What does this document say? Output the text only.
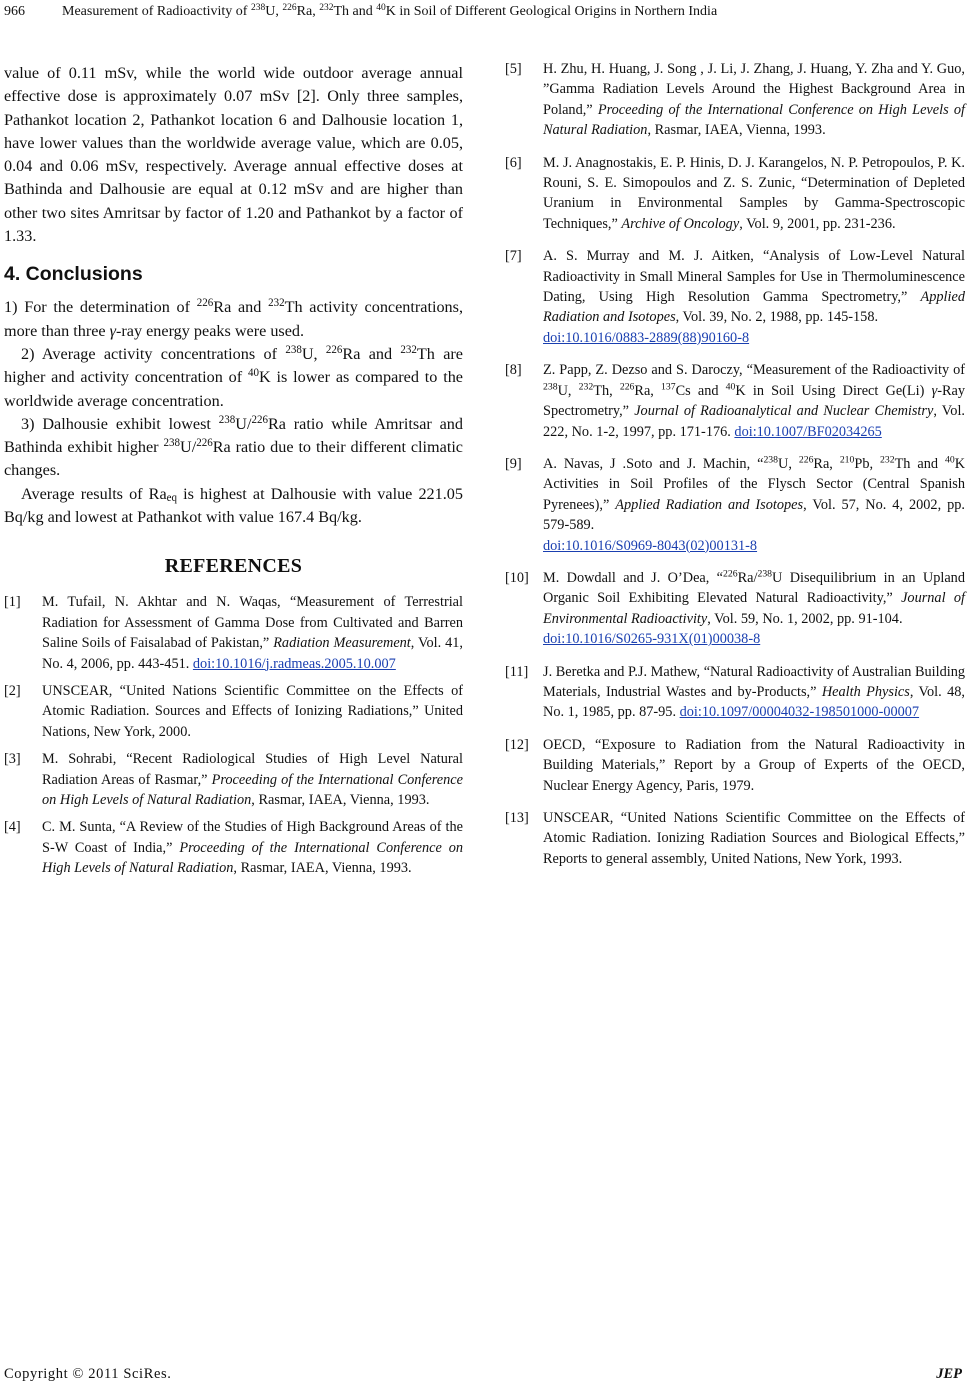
966	Measurement of Radioactivity of $^{238}$U, $^{226}$Ra, $^{232}$Th and $^{40}$K in Soil of Different Geological Origins in Northern India

value of 0.11 mSv, while the world wide outdoor average annual effective dose is approximately 0.07 mSv [2]. Only three samples, Pathankot location 2, Pathankot location 6 and Dalhousie location 1, have lower values than the worldwide average value, which are 0.05, 0.04 and 0.06 mSv, respectively. Average annual effective doses at Bathinda and Dalhousie are equal at 0.12 mSv and are higher than other two sites Amritsar by factor of 1.20 and Pathankot by a factor of 1.33.

4. Conclusions

1) For the determination of $^{226}$Ra and $^{232}$Th activity concentrations, more than three γ-ray energy peaks were used.

2) Average activity concentrations of $^{238}$U, $^{226}$Ra and $^{232}$Th are higher and activity concentration of $^{40}$K is lower as compared to the worldwide average concentration.

3) Dalhousie exhibit lowest $^{238}$U/$^{226}$Ra ratio while Amritsar and Bathinda exhibit higher $^{238}$U/$^{226}$Ra ratio due to their different climatic changes.

Average results of $Ra_{eq}$ is highest at Dalhousie with value 221.05 Bq/kg and lowest at Pathankot with value 167.4 Bq/kg.

REFERENCES
[1] M. Tufail, N. Akhtar and N. Waqas, “Measurement of Terrestrial Radiation for Assessment of Gamma Dose from Cultivated and Barren Saline Soils of Faisalabad of Pakistan,” Radiation Measurement, Vol. 41, No. 4, 2006, pp. 443-451. doi:10.1016/j.radmeas.2005.10.007
[2] UNSCEAR, “United Nations Scientific Committee on the Effects of Atomic Radiation. Sources and Effects of Ionizing Radiations,” United Nations, New York, 2000.
[3] M. Sohrabi, “Recent Radiological Studies of High Level Natural Radiation Areas of Rasmar,” Proceeding of the International Conference on High Levels of Natural Radiation, Rasmar, IAEA, Vienna, 1993.
[4] C. M. Sunta, “A Review of the Studies of High Background Areas of the S-W Coast of India,” Proceeding of the International Conference on High Levels of Natural Radiation, Rasmar, IAEA, Vienna, 1993.
[5] H. Zhu, H. Huang, J. Song , J. Li, J. Zhang, J. Huang, Y. Zha and Y. Guo, ”Gamma Radiation Levels Around the Highest Background Area in Poland,” Proceeding of the International Conference on High Levels of Natural Radiation, Rasmar, IAEA, Vienna, 1993.
[6] M. J. Anagnostakis, E. P. Hinis, D. J. Karangelos, N. P. Petropoulos, P. K. Rouni, S. E. Simopoulos and Z. S. Zunic, “Determination of Depleted Uranium in Environmental Samples by Gamma-Spectroscopic Techniques,” Archive of Oncology, Vol. 9, 2001, pp. 231-236.
[7] A. S. Murray and M. J. Aitken, “Analysis of Low-Level Natural Radioactivity in Small Mineral Samples for Use in Thermoluminescence Dating, Using High Resolution Gamma Spectrometry,” Applied Radiation and Isotopes, Vol. 39, No. 2, 1988, pp. 145-158.
doi:10.1016/0883-2889(88)90160-8
[8] Z. Papp, Z. Dezso and S. Daroczy, “Measurement of the Radioactivity of $^{238}$U, $^{232}$Th, $^{226}$Ra, $^{137}$Cs and $^{40}$K in Soil Using Direct Ge(Li) γ-Ray Spectrometry,” Journal of Radioanalytical and Nuclear Chemistry, Vol. 222, No. 1-2, 1997, pp. 171-176. doi:10.1007/BF02034265
[9] A. Navas, J .Soto and J. Machin, “$^{238}$U, $^{226}$Ra, $^{210}$Pb, $^{232}$Th and $^{40}$K Activities in Soil Profiles of the Flysch Sector (Central Spanish Pyrenees),” Applied Radiation and Isotopes, Vol. 57, No. 4, 2002, pp. 579-589.
doi:10.1016/S0969-8043(02)00131-8
[10] M. Dowdall and J. O’Dea, “$^{226}$Ra/$^{238}$U Disequilibrium in an Upland Organic Soil Exhibiting Elevated Natural Radioactivity,” Journal of Environmental Radioactivity, Vol. 59, No. 1, 2002, pp. 91-104.
doi:10.1016/S0265-931X(01)00038-8
[11] J. Beretka and P.J. Mathew, “Natural Radioactivity of Australian Building Materials, Industrial Wastes and by-Products,” Health Physics, Vol. 48, No. 1, 1985, pp. 87-95. doi:10.1097/00004032-198501000-00007
[12] OECD, “Exposure to Radiation from the Natural Radioactivity in Building Materials,” Report by a Group of Experts of the OECD, Nuclear Energy Agency, Paris, 1979.
[13] UNSCEAR, “United Nations Scientific Committee on the Effects of Atomic Radiation. Ionizing Radiation Sources and Biological Effects,” Reports to general assembly, United Nations, New York, 1993.
Copyright © 2011 SciRes.	JEP
